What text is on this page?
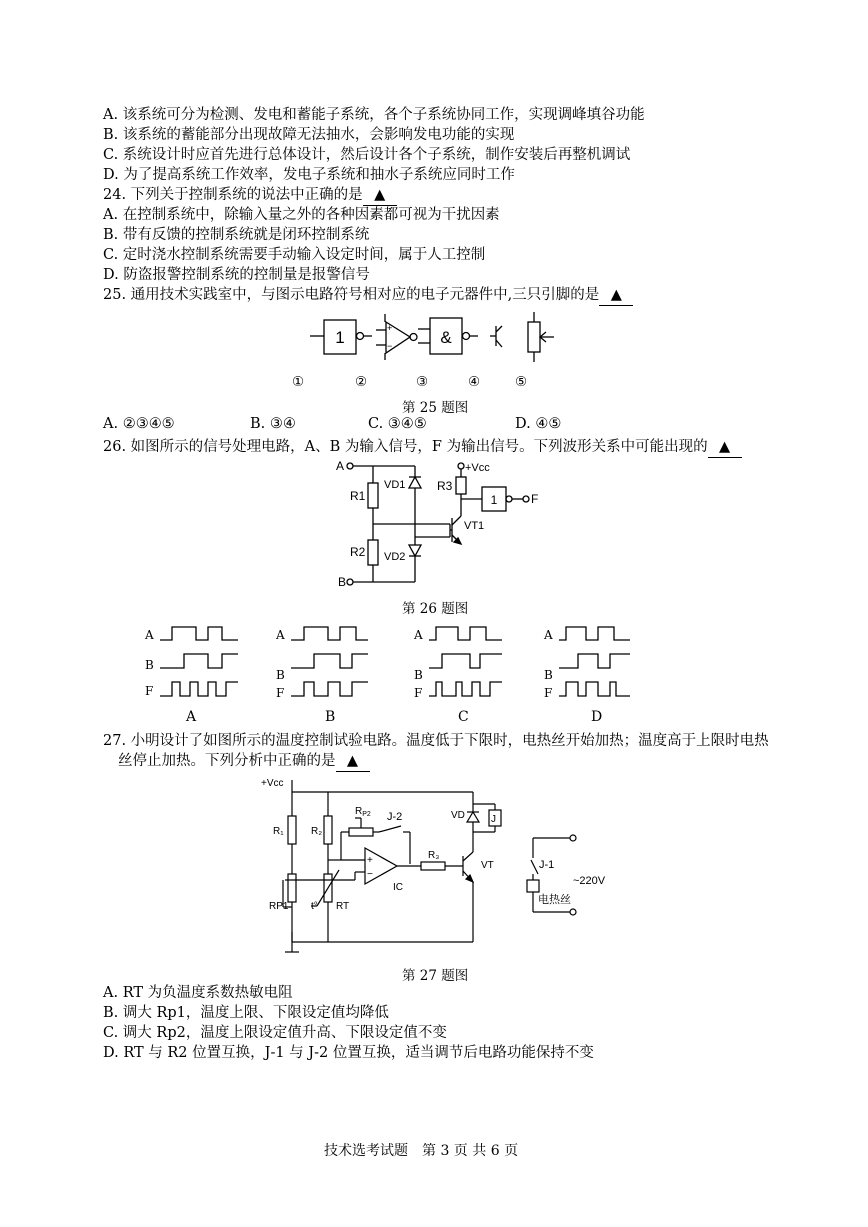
A. 该系统可分为检测、发电和蓄能子系统，各个子系统协同工作，实现调峰填谷功能
B. 该系统的蓄能部分出现故障无法抽水，会影响发电功能的实现
C. 系统设计时应首先进行总体设计，然后设计各个子系统，制作安装后再整机调试
D. 为了提高系统工作效率，发电子系统和抽水子系统应同时工作
24. 下列关于控制系统的说法中正确的是 ▲
A. 在控制系统中，除输入量之外的各种因素都可视为干扰因素
B. 带有反馈的控制系统就是闭环控制系统
C. 定时浇水控制系统需要手动输入设定时间，属于人工控制
D. 防盗报警控制系统的控制量是报警信号
25. 通用技术实践室中，与图示电路符号相对应的电子元器件中,三只引脚的是 ▲
1	+
−	&
①	②	③	④	⑤
第 25 题图
A. ②③④⑤	B. ③④	C. ③④⑤	D. ④⑤
26. 如图所示的信号处理电路，A、B 为输入信号，F 为输出信号。下列波形关系中可能出现的 ▲
A
B
R1
R2
VD1
VD2
+Vcc
R3
VT1
1	F
第 26 题图
A
B
F
A
B
F
A
B
F
A
B
F
A	B	C	D
27. 小明设计了如图所示的温度控制试验电路。温度低于下限时，电热丝开始加热；温度高于上限时电热
丝停止加热。下列分析中正确的是 ▲
+Vcc
R₁	R₂
$R_{P2}$ J-2	VD	J
R₃
VT
IC
+
−
RP1 t° RT
J-1
~220V
电热丝
第 27 题图
A. RT 为负温度系数热敏电阻
B. 调大 Rp1，温度上限、下限设定值均降低
C. 调大 Rp2，温度上限设定值升高、下限设定值不变
D. RT 与 R2 位置互换，J-1 与 J-2 位置互换，适当调节后电路功能保持不变
技术选考试题　第 3 页 共 6 页
